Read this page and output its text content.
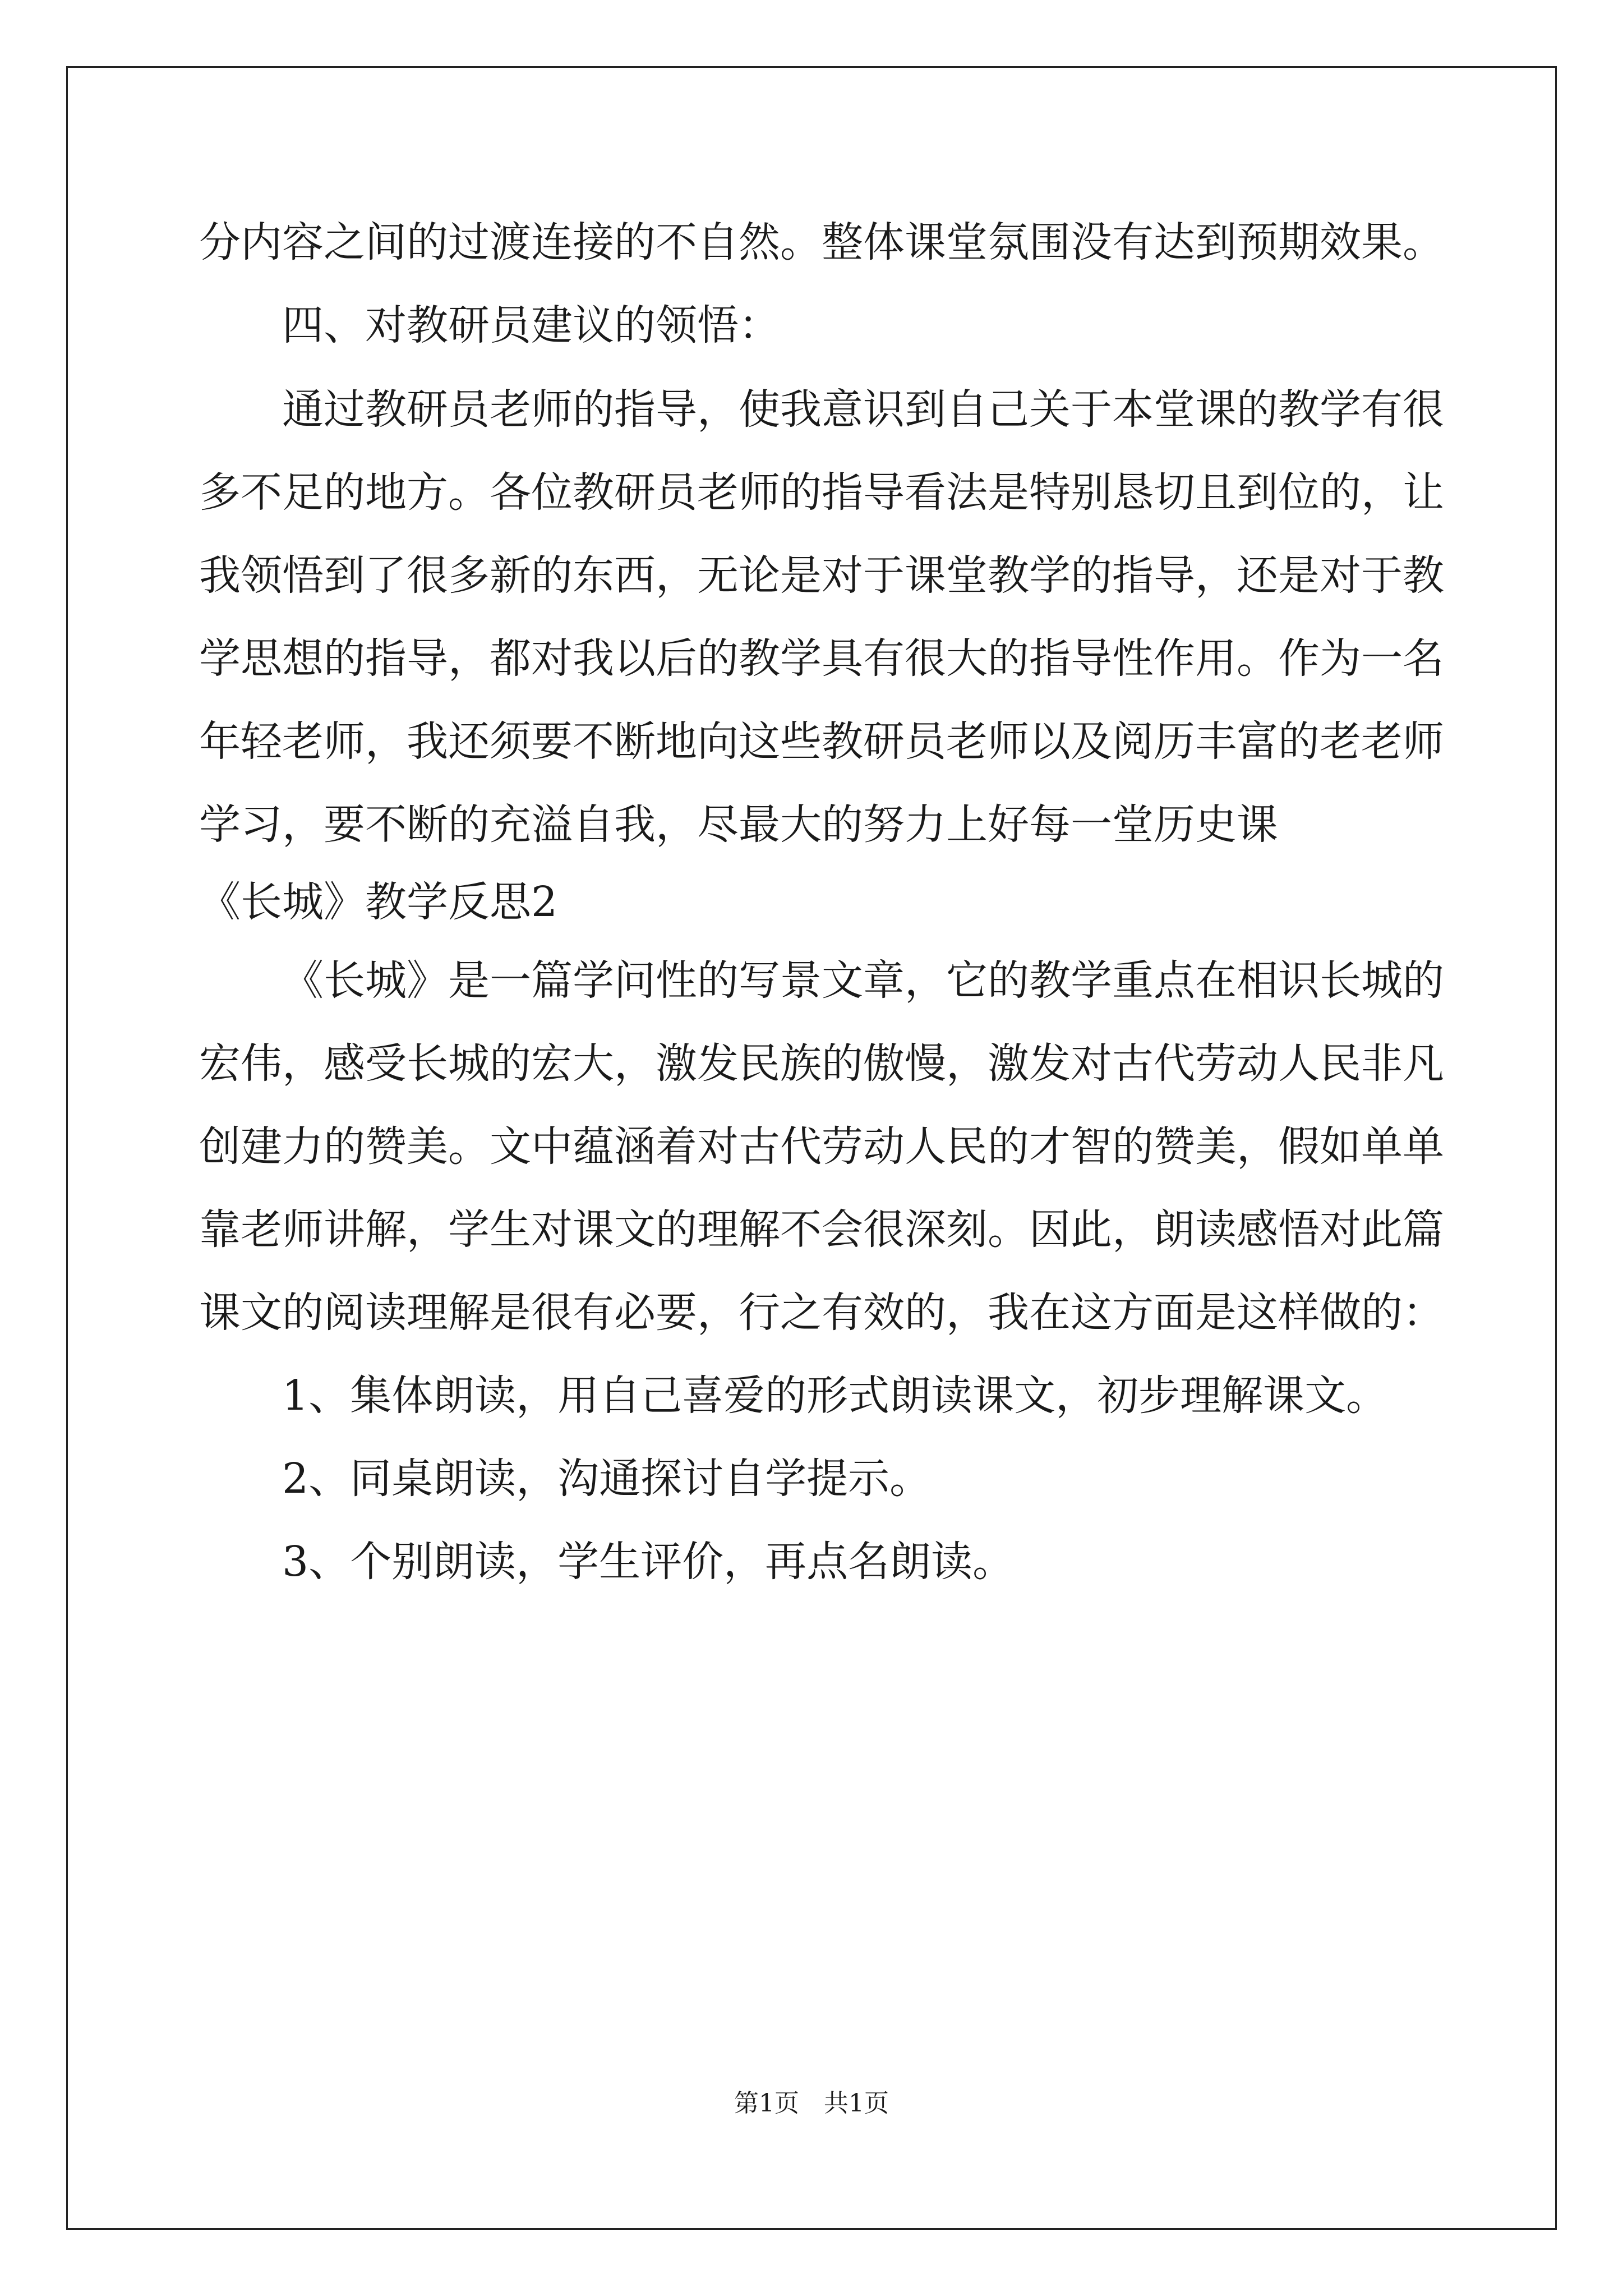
分内容之间的过渡连接的不自然。整体课堂氛围没有达到预期效果。
四、对教研员建议的领悟：
通过教研员老师的指导，使我意识到自己关于本堂课的教学有很
多不足的地方。各位教研员老师的指导看法是特别恳切且到位的，让
我领悟到了很多新的东西，无论是对于课堂教学的指导，还是对于教
学思想的指导，都对我以后的教学具有很大的指导性作用。作为一名
年轻老师，我还须要不断地向这些教研员老师以及阅历丰富的老老师
学习，要不断的充溢自我，尽最大的努力上好每一堂历史课
《长城》教学反思2
《长城》是一篇学问性的写景文章，它的教学重点在相识长城的
宏伟，感受长城的宏大，激发民族的傲慢，激发对古代劳动人民非凡
创建力的赞美。文中蕴涵着对古代劳动人民的才智的赞美，假如单单
靠老师讲解，学生对课文的理解不会很深刻。因此，朗读感悟对此篇
课文的阅读理解是很有必要，行之有效的，我在这方面是这样做的：
1、集体朗读，用自己喜爱的形式朗读课文，初步理解课文。
2、同桌朗读，沟通探讨自学提示。
3、个别朗读，学生评价，再点名朗读。
第1页　共1页
